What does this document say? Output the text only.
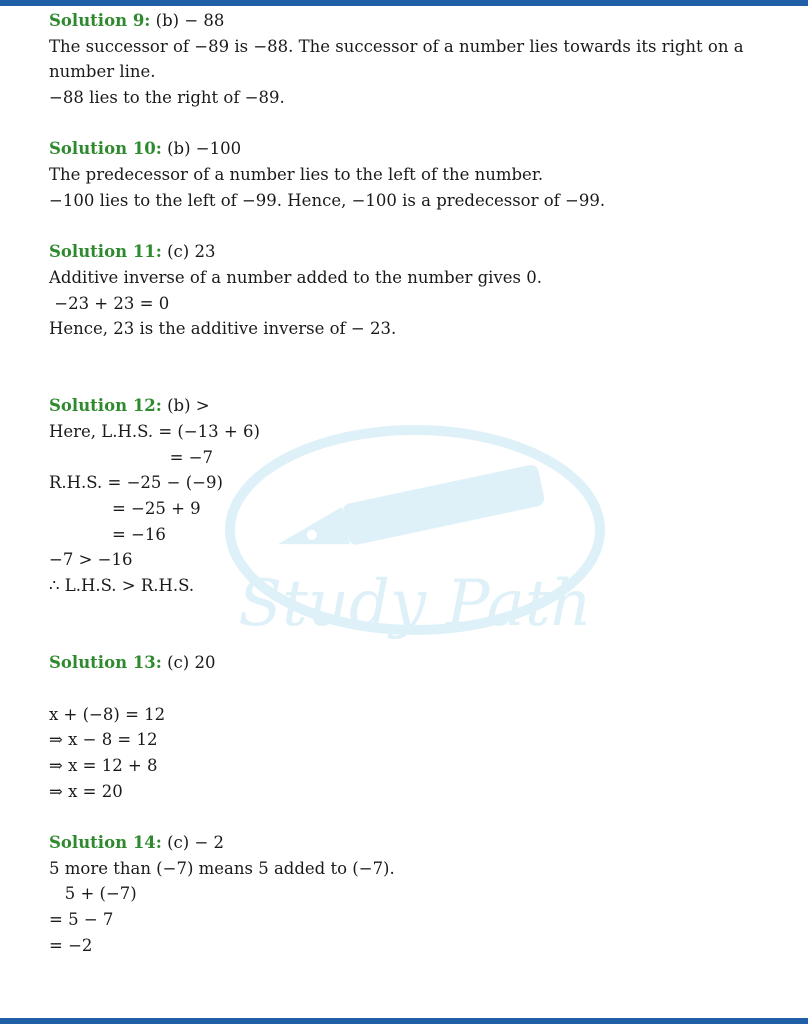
Study Path
Solution 9: (b) − 88
The successor of −89 is −88. The successor of a number lies towards its right on a
number line.
−88 lies to the right of −89.
Solution 10: (b) −100
The predecessor of a number lies to the left of the number.
−100 lies to the left of −99. Hence, −100 is a predecessor of −99.
Solution 11: (c) 23
Additive inverse of a number added to the number gives 0.
−23 + 23 = 0
Hence, 23 is the additive inverse of − 23.
Solution 12: (b) >
Here, L.H.S. = (−13 + 6)
= −7
R.H.S. = −25 − (−9)
= −25 + 9
= −16
−7 > −16
∴ L.H.S. > R.H.S.
Solution 13: (c) 20
x + (−8) = 12
⇒ x − 8 = 12
⇒ x = 12 + 8
⇒ x = 20
Solution 14: (c) − 2
5 more than (−7) means 5 added to (−7).
5 + (−7)
= 5 − 7
= −2
